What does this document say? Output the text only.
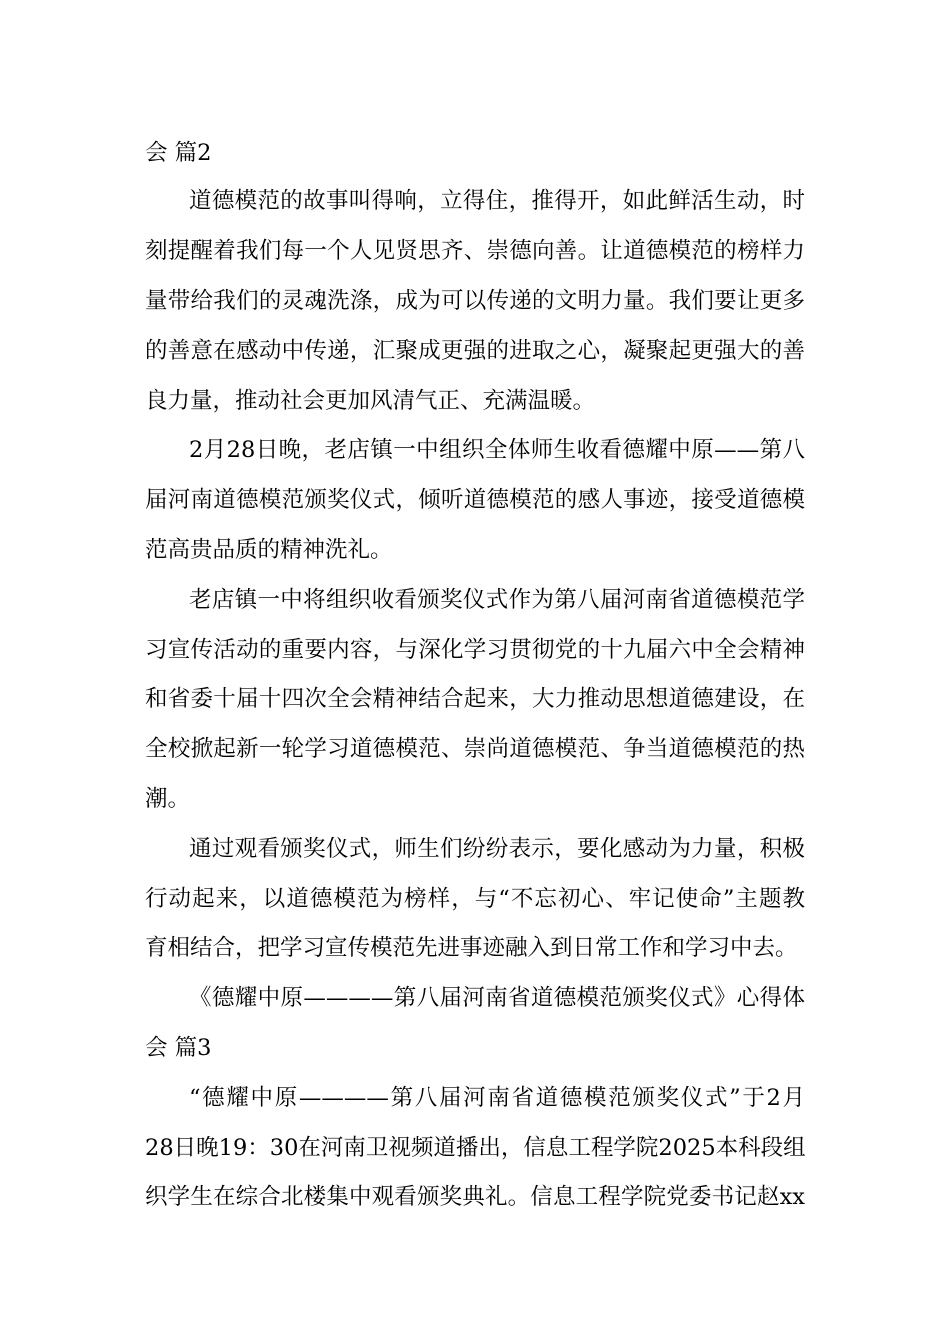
会 篇2
道德模范的故事叫得响，立得住，推得开，如此鲜活生动，时
刻提醒着我们每一个人见贤思齐、崇德向善。让道德模范的榜样力
量带给我们的灵魂洗涤，成为可以传递的文明力量。我们要让更多
的善意在感动中传递，汇聚成更强的进取之心，凝聚起更强大的善
良力量，推动社会更加风清气正、充满温暖。
2月28日晚，老店镇一中组织全体师生收看德耀中原——第八
届河南道德模范颁奖仪式，倾听道德模范的感人事迹，接受道德模
范高贵品质的精神洗礼。
老店镇一中将组织收看颁奖仪式作为第八届河南省道德模范学
习宣传活动的重要内容，与深化学习贯彻党的十九届六中全会精神
和省委十届十四次全会精神结合起来，大力推动思想道德建设，在
全校掀起新一轮学习道德模范、崇尚道德模范、争当道德模范的热
潮。
通过观看颁奖仪式，师生们纷纷表示，要化感动为力量，积极
行动起来，以道德模范为榜样，与“不忘初心、牢记使命”主题教
育相结合，把学习宣传模范先进事迹融入到日常工作和学习中去。
《德耀中原————第八届河南省道德模范颁奖仪式》心得体
会 篇3
“德耀中原————第八届河南省道德模范颁奖仪式”于2月
28日晚19：30在河南卫视频道播出，信息工程学院2025本科段组
织学生在综合北楼集中观看颁奖典礼。信息工程学院党委书记赵xx
